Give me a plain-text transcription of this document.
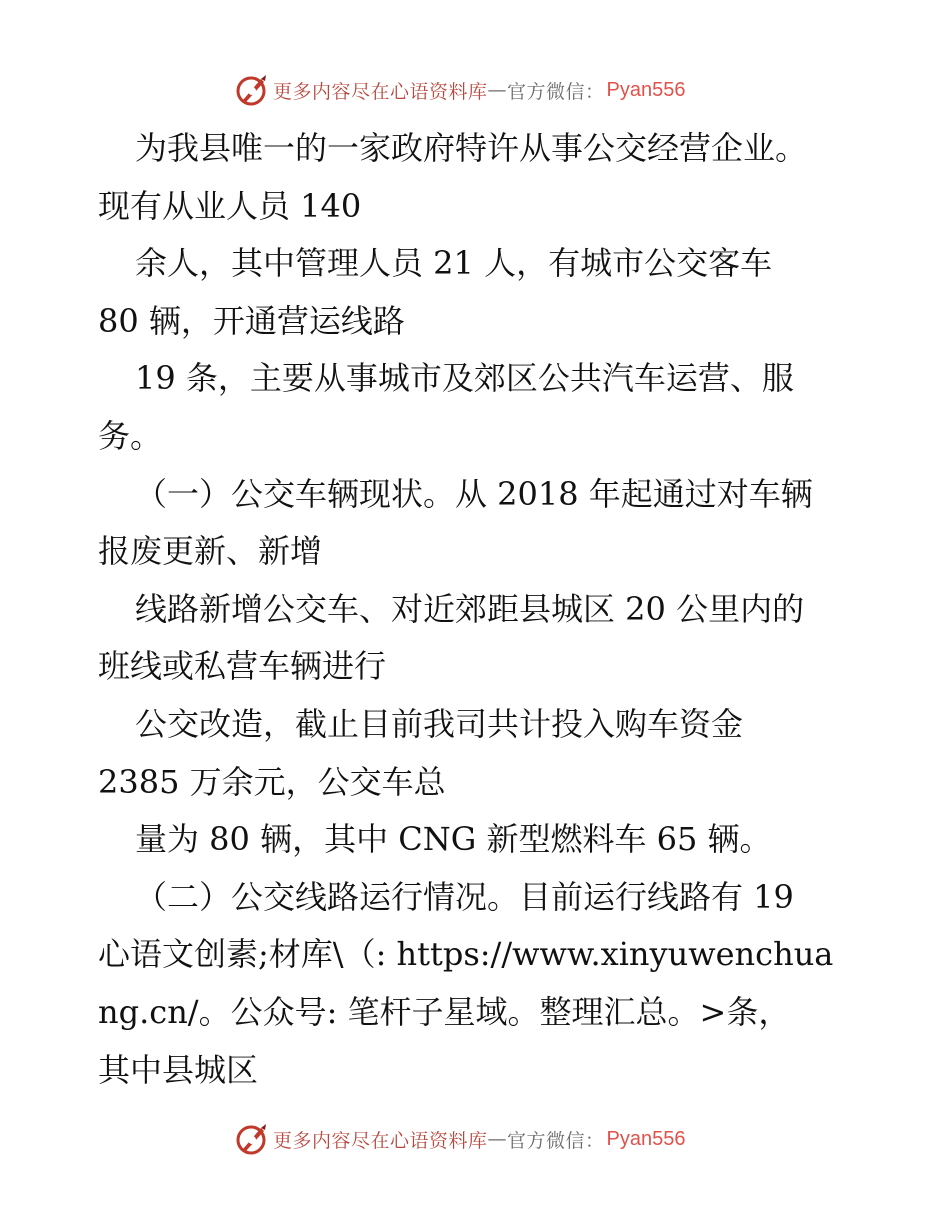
更多内容尽在心语资料库 — 官方微信： Pyan556
为我县唯一的一家政府特许从事公交经营企业。
现有从业人员 140
余人，其中管理人员 21 人，有城市公交客车
80 辆，开通营运线路
19 条，主要从事城市及郊区公共汽车运营、服
务。
（一）公交车辆现状。从 2018 年起通过对车辆
报废更新、新增
线路新增公交车、对近郊距县城区 20 公里内的
班线或私营车辆进行
公交改造，截止目前我司共计投入购车资金
2385 万余元，公交车总
量为 80 辆，其中 CNG 新型燃料车 65 辆。
（二）公交线路运行情况。目前运行线路有 19
心语文创素;材库\（: https://www.xinyuwenchua
ng.cn/。公众号: 笔杆子星域。整理汇总。>条，
其中县城区
更多内容尽在心语资料库 — 官方微信： Pyan556
